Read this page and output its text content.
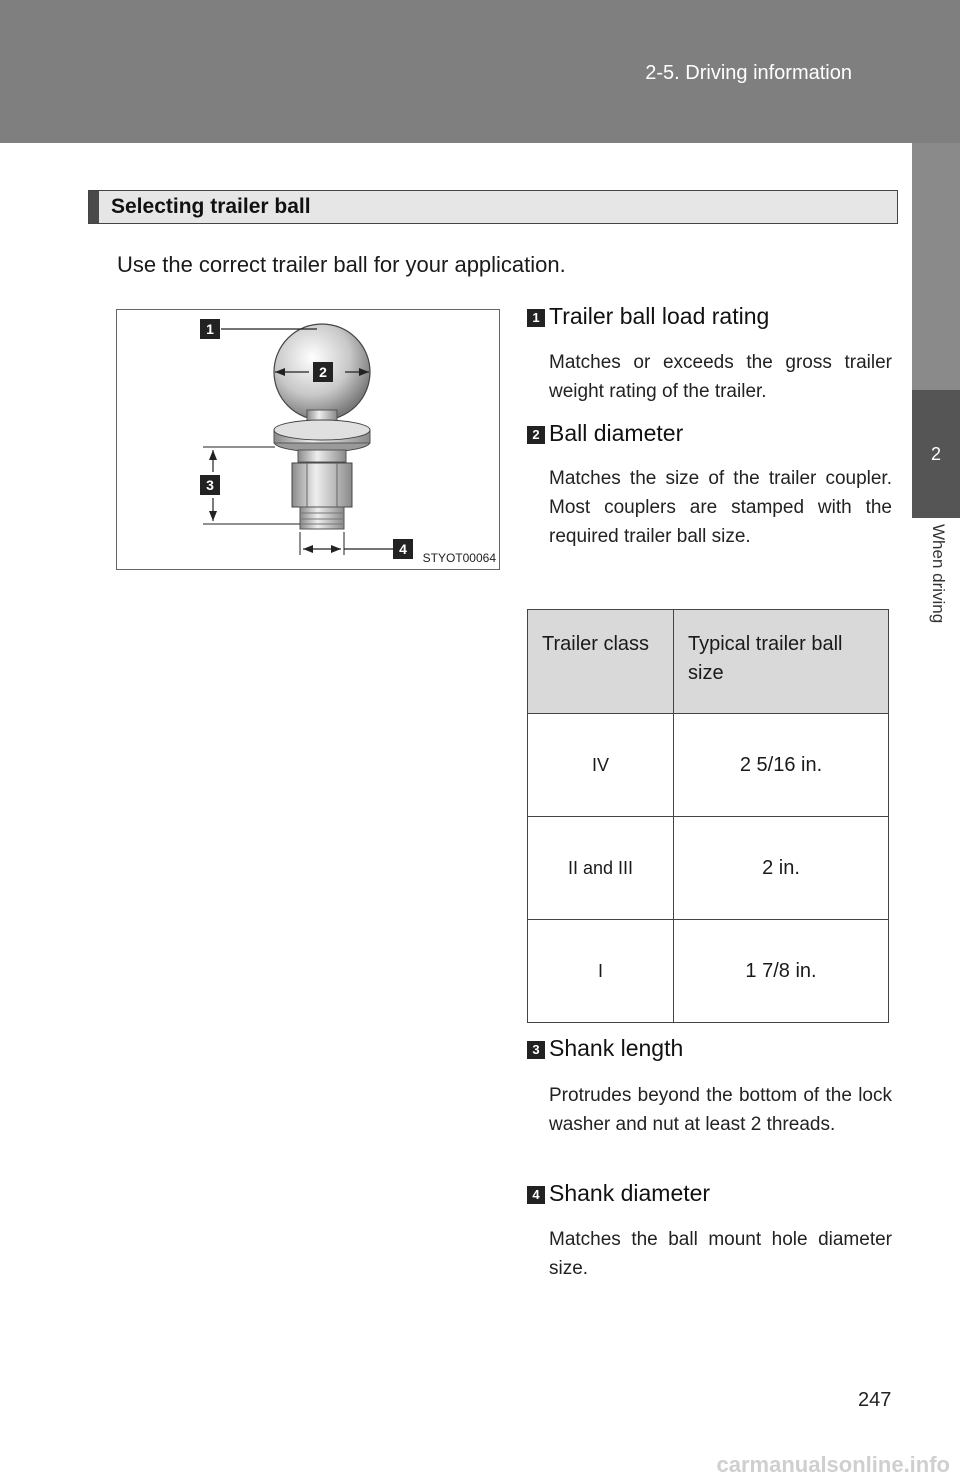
2-5. Driving information
2
When driving
Selecting trailer ball
Use the correct trailer ball for your application.
1
2
3
4
STYOT00064
1 Trailer ball load rating
Matches or exceeds the gross trailer weight rating of the trailer.
2 Ball diameter
Matches the size of the trailer coupler. Most couplers are stamped with the required trailer ball size.
Trailer class	Typical trailer ball size
IV	2 5/16 in.
II and III	2 in.
I	1 7/8 in.
3 Shank length
Protrudes beyond the bottom of the lock washer and nut at least 2 threads.
4 Shank diameter
Matches the ball mount hole diameter size.
247
carmanualsonline.info
